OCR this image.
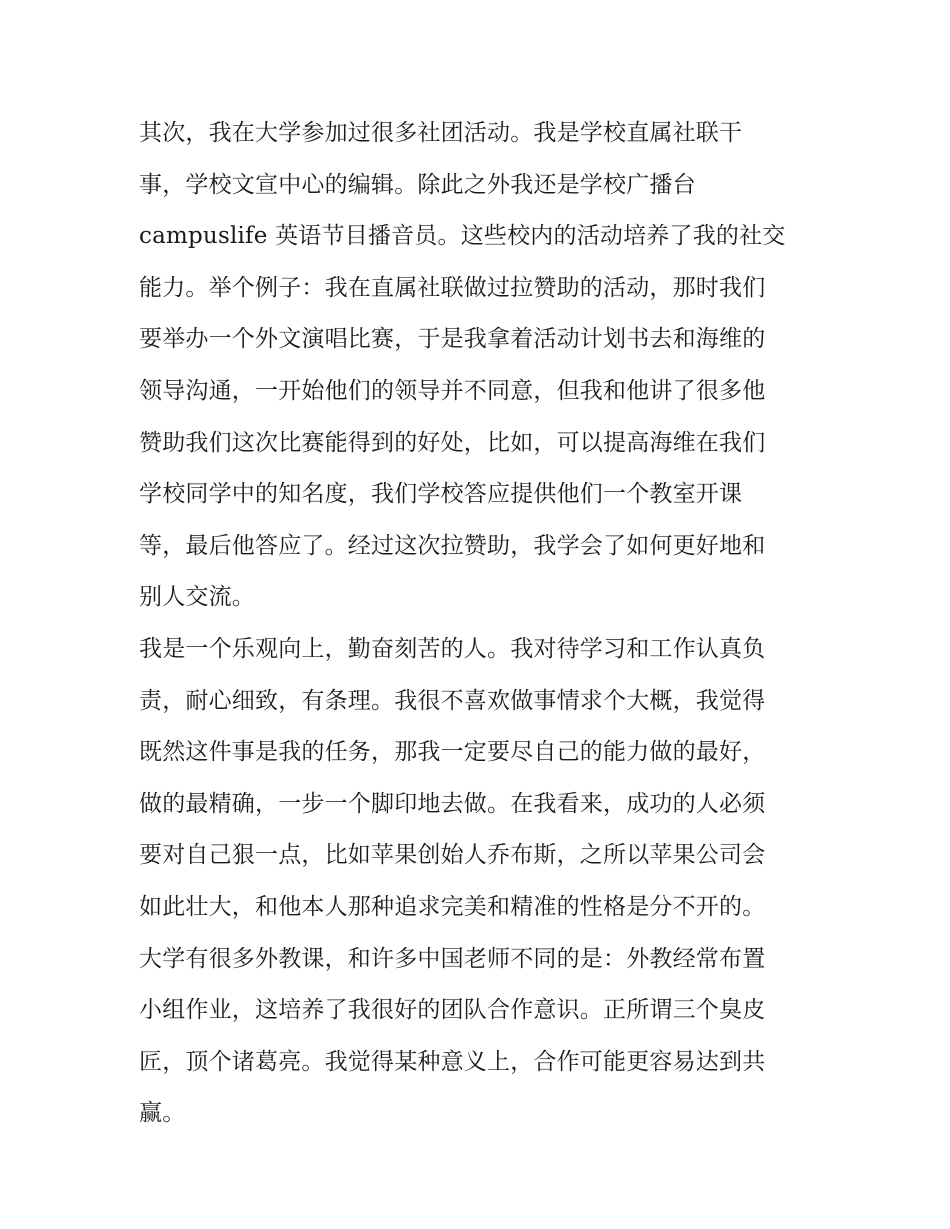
其次，我在大学参加过很多社团活动。我是学校直属社联干
事，学校文宣中心的编辑。除此之外我还是学校广播台
campuslife 英语节目播音员。这些校内的活动培养了我的社交
能力。举个例子：我在直属社联做过拉赞助的活动，那时我们
要举办一个外文演唱比赛，于是我拿着活动计划书去和海维的
领导沟通，一开始他们的领导并不同意，但我和他讲了很多他
赞助我们这次比赛能得到的好处，比如，可以提高海维在我们
学校同学中的知名度，我们学校答应提供他们一个教室开课
等，最后他答应了。经过这次拉赞助，我学会了如何更好地和
别人交流。
我是一个乐观向上，勤奋刻苦的人。我对待学习和工作认真负
责，耐心细致，有条理。我很不喜欢做事情求个大概，我觉得
既然这件事是我的任务，那我一定要尽自己的能力做的最好，
做的最精确，一步一个脚印地去做。在我看来，成功的人必须
要对自己狠一点，比如苹果创始人乔布斯，之所以苹果公司会
如此壮大，和他本人那种追求完美和精准的性格是分不开的。
大学有很多外教课，和许多中国老师不同的是：外教经常布置
小组作业，这培养了我很好的团队合作意识。正所谓三个臭皮
匠，顶个诸葛亮。我觉得某种意义上，合作可能更容易达到共
赢。
